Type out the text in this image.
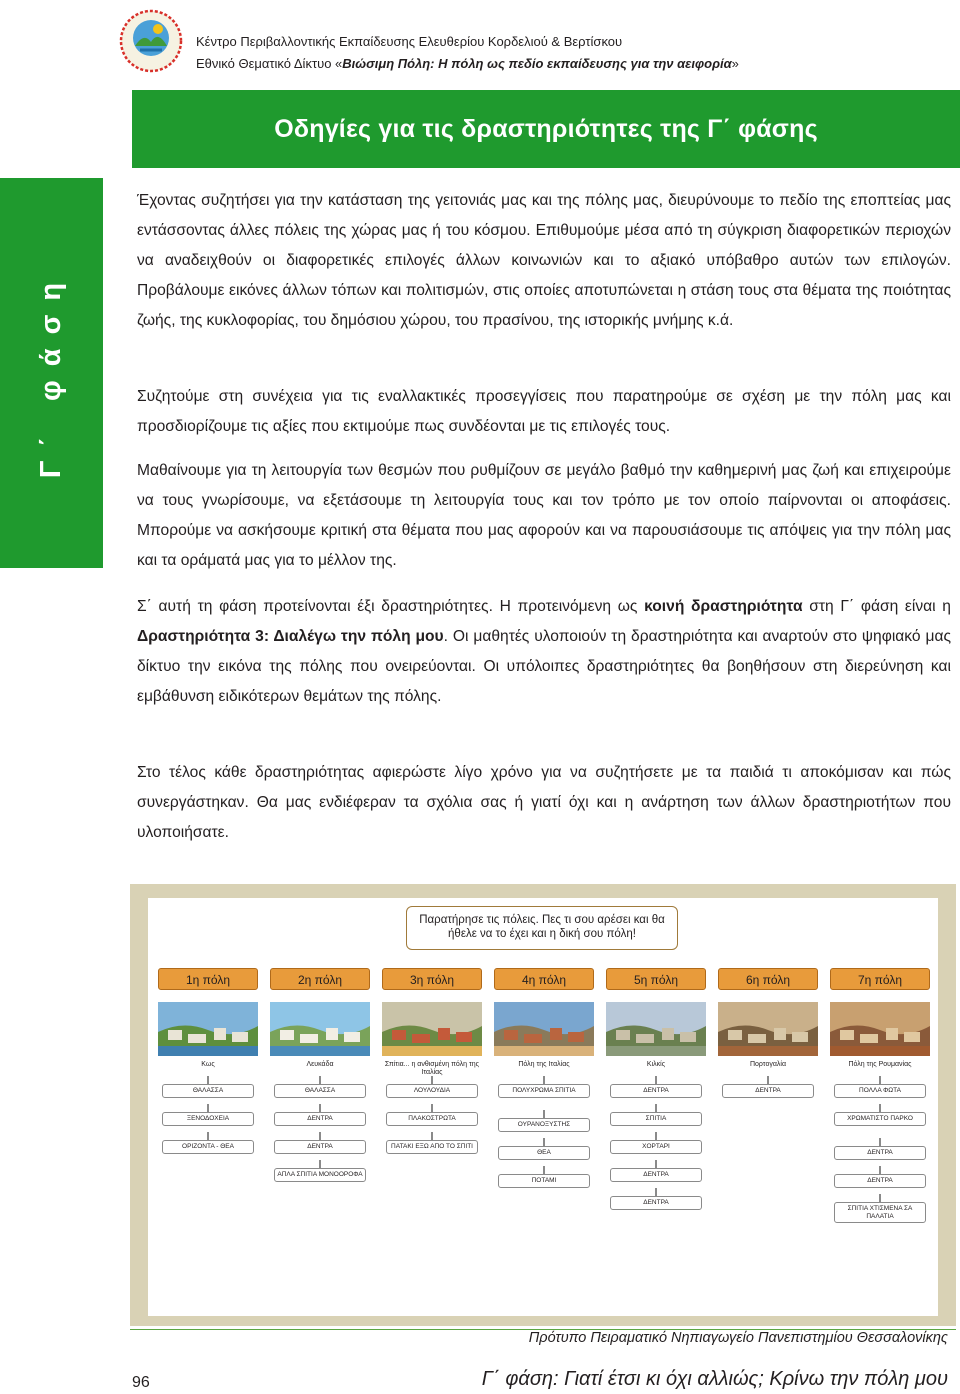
Κέντρο Περιβαλλοντικής Εκπαίδευσης Ελευθερίου Κορδελιού & Βερτίσκου
Εθνικό Θεματικό Δίκτυο «Βιώσιμη Πόλη: Η πόλη ως πεδίο εκπαίδευσης για την αειφορία»
Οδηγίες για τις δραστηριότητες της Γ΄ φάσης
Γ΄ φάση

Έχοντας συζητήσει για την κατάσταση της γειτονιάς μας και της πόλης μας, διευρύνουμε το πεδίο της εποπτείας μας εντάσσοντας άλλες πόλεις της χώρας μας ή του κόσμου. Επιθυμούμε μέσα από τη σύγκριση διαφορετικών περιοχών να αναδειχθούν οι διαφορετικές επιλογές άλλων κοινωνιών και το αξιακό υπόβαθρο αυτών των επιλογών. Προβάλουμε εικόνες άλλων τόπων και πολιτισμών, στις οποίες αποτυπώνεται η στάση τους στα θέματα της ποιότητας ζωής, της κυκλοφορίας, του δημόσιου χώρου, του πρασίνου, της ιστορικής μνήμης κ.ά.

Συζητούμε στη συνέχεια για τις εναλλακτικές προσεγγίσεις που παρατηρούμε σε σχέση με την πόλη μας και προσδιορίζουμε τις αξίες που εκτιμούμε πως συνδέονται με τις επιλογές τους.

Μαθαίνουμε για τη λειτουργία των θεσμών που ρυθμίζουν σε μεγάλο βαθμό την καθημερινή μας ζωή και επιχειρούμε να τους γνωρίσουμε, να εξετάσουμε τη λειτουργία τους και τον τρόπο με τον οποίο παίρνονται οι αποφάσεις. Μπορούμε να ασκήσουμε κριτική στα θέματα που μας αφορούν και να παρουσιάσουμε τις απόψεις για την πόλη μας και τα οράματά μας για το μέλλον της.

Σ΄ αυτή τη φάση προτείνονται έξι δραστηριότητες. Η προτεινόμενη ως κοινή δραστηριότητα στη Γ΄ φάση είναι η Δραστηριότητα 3: Διαλέγω την πόλη μου. Οι μαθητές υλοποιούν τη δραστηριότητα και αναρτούν στο ψηφιακό μας δίκτυο την εικόνα της πόλης που ονειρεύονται. Οι υπόλοιπες δραστηριότητες θα βοηθήσουν στη διερεύνηση και εμβάθυνση ειδικότερων θεμάτων της πόλης.

Στο τέλος κάθε δραστηριότητας αφιερώστε λίγο χρόνο για να συζητήσετε με τα παιδιά τι αποκόμισαν και πώς συνεργάστηκαν. Θα μας ενδιέφεραν τα σχόλια σας ή γιατί όχι και η ανάρτηση των άλλων δραστηριοτήτων που υλοποιήσατε.

Παρατήρησε τις πόλεις. Πες τι σου αρέσει και θα ήθελε να το έχει και η δική σου πόλη!
1η πόλη
Κως
ΘΑΛΑΣΣΑ
ΞΕΝΟΔΟΧΕΙΑ
ΟΡΙΖΟΝΤΑ - ΘΕΑ
2η πόλη
Λευκάδα
ΘΑΛΑΣΣΑ
ΔΕΝΤΡΑ
ΔΕΝΤΡΑ
ΑΠΛΑ ΣΠΙΤΙΑ ΜΟΝΟΟΡΟΦΑ
3η πόλη
Σπίτια... η ανθισμένη πόλη της Ιταλίας
ΛΟΥΛΟΥΔΙΑ
ΠΛΑΚΟΣΤΡΩΤΑ
ΠΑΤΑΚΙ ΕΞΩ ΑΠΟ ΤΟ ΣΠΙΤΙ
4η πόλη
Πόλη της Ιταλίας
ΠΟΛΥΧΡΩΜΑ ΣΠΙΤΙΑ
ΟΥΡΑΝΟΞΥΣΤΗΣ
ΘΕΑ
ΠΟΤΑΜΙ
5η πόλη
Κιλκίς
ΔΕΝΤΡΑ
ΣΠΙΤΙΑ
ΧΟΡΤΑΡΙ
ΔΕΝΤΡΑ
ΔΕΝΤΡΑ
6η πόλη
Πορτογαλία
ΔΕΝΤΡΑ
7η πόλη
Πόλη της Ρουμανίας
ΠΟΛΛΑ ΦΩΤΑ
ΧΡΩΜΑΤΙΣΤΟ ΠΑΡΚΟ
ΔΕΝΤΡΑ
ΔΕΝΤΡΑ
ΣΠΙΤΙΑ ΧΤΙΣΜΕΝΑ ΣΑ ΠΑΛΑΤΙΑ
Πρότυπο Πειραματικό Νηπιαγωγείο Πανεπιστημίου Θεσσαλονίκης
96	Γ΄ φάση: Γιατί έτσι κι όχι αλλιώς; Κρίνω την πόλη μου
